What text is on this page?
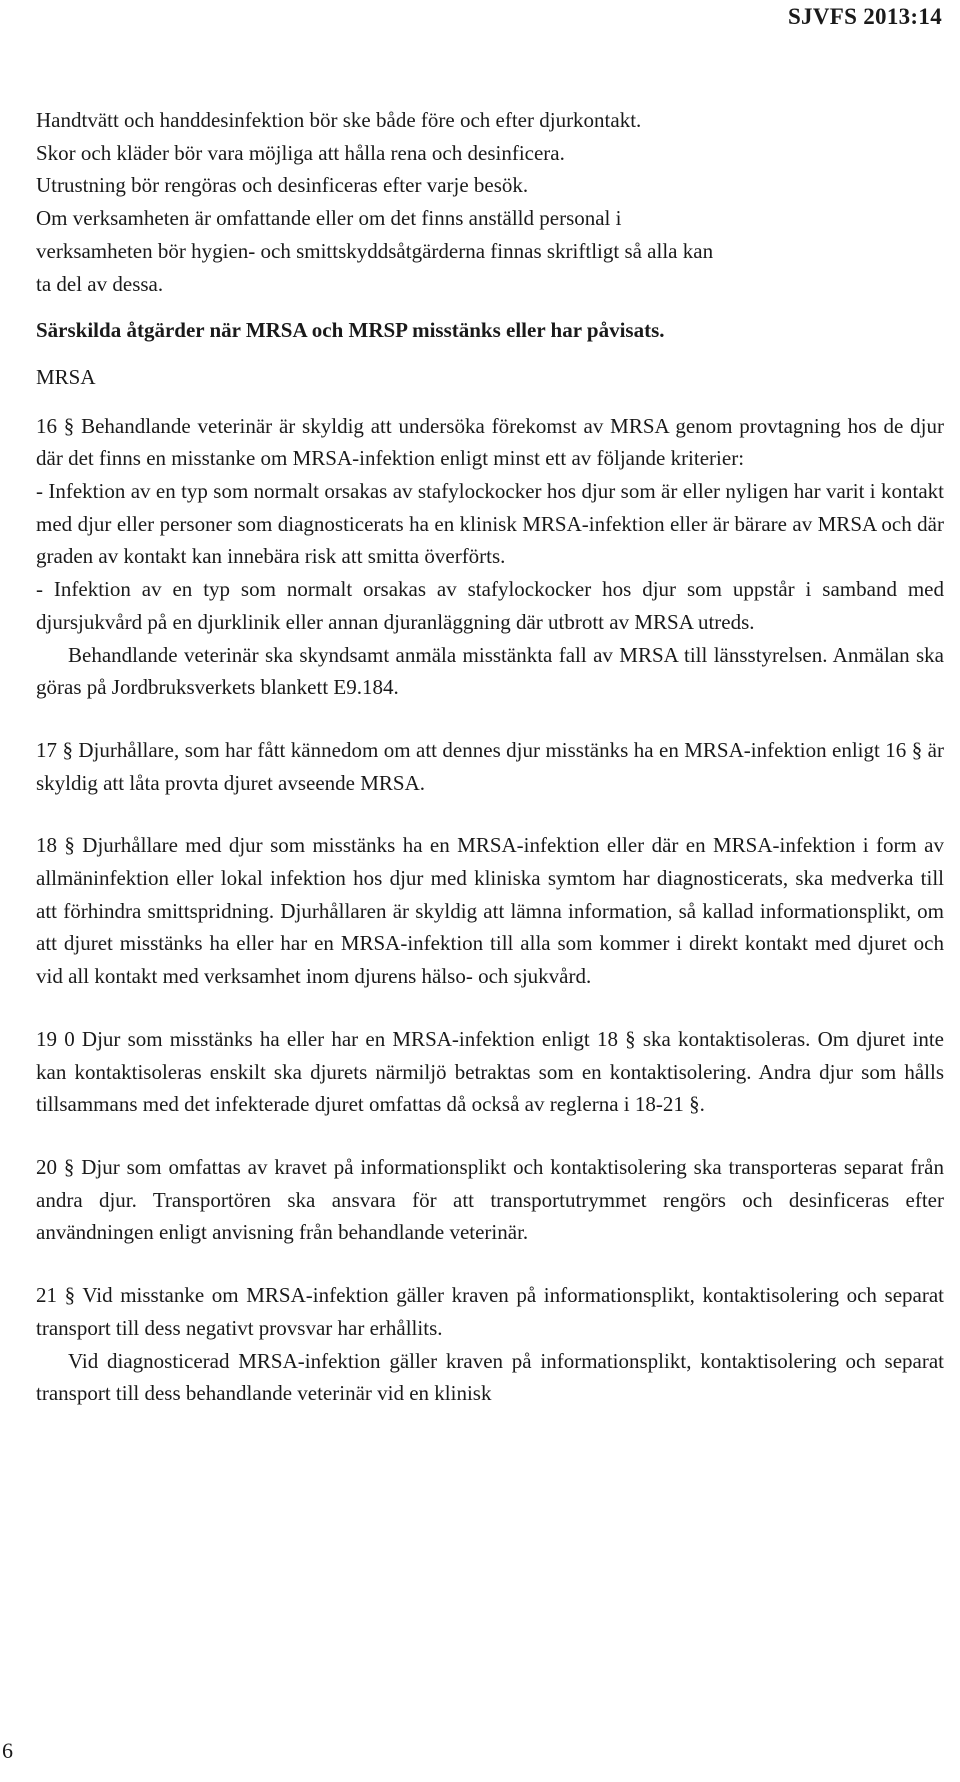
SJVFS 2013:14

Handtvätt och handdesinfektion bör ske både före och efter djurkontakt.

Skor och kläder bör vara möjliga att hålla rena och desinficera.

Utrustning bör rengöras och desinficeras efter varje besök.

Om verksamheten är omfattande eller om det finns anställd personal i

verksamheten bör hygien- och smittskyddsåtgärderna finnas skriftligt så alla kan

ta del av dessa.

Särskilda åtgärder när MRSA och MRSP misstänks eller har påvisats.

MRSA

16 § Behandlande veterinär är skyldig att undersöka förekomst av MRSA genom provtagning hos de djur där det finns en misstanke om MRSA-infektion enligt minst ett av följande kriterier:

- Infektion av en typ som normalt orsakas av stafylockocker hos djur som är eller nyligen har varit i kontakt med djur eller personer som diagnosticerats ha en klinisk MRSA-infektion eller är bärare av MRSA och där graden av kontakt kan innebära risk att smitta överförts.

- Infektion av en typ som normalt orsakas av stafylockocker hos djur som uppstår i samband med djursjukvård på en djurklinik eller annan djuranläggning där utbrott av MRSA utreds.

Behandlande veterinär ska skyndsamt anmäla misstänkta fall av MRSA till länsstyrelsen. Anmälan ska göras på Jordbruksverkets blankett E9.184.

17 § Djurhållare, som har fått kännedom om att dennes djur misstänks ha en MRSA-infektion enligt 16 § är skyldig att låta provta djuret avseende MRSA.

18 § Djurhållare med djur som misstänks ha en MRSA-infektion eller där en MRSA-infektion i form av allmäninfektion eller lokal infektion hos djur med kliniska symtom har diagnosticerats, ska medverka till att förhindra smittspridning. Djurhållaren är skyldig att lämna information, så kallad informationsplikt, om att djuret misstänks ha eller har en MRSA-infektion till alla som kommer i direkt kontakt med djuret och vid all kontakt med verksamhet inom djurens hälso- och sjukvård.

19 0 Djur som misstänks ha eller har en MRSA-infektion enligt 18 § ska kontaktisoleras. Om djuret inte kan kontaktisoleras enskilt ska djurets närmiljö betraktas som en kontaktisolering. Andra djur som hålls tillsammans med det infekterade djuret omfattas då också av reglerna i 18-21 §.

20 § Djur som omfattas av kravet på informationsplikt och kontaktisolering ska transporteras separat från andra djur. Transportören ska ansvara för att transportutrymmet rengörs och desinficeras efter användningen enligt anvisning från behandlande veterinär.

21 § Vid misstanke om MRSA-infektion gäller kraven på informationsplikt, kontaktisolering och separat transport till dess negativt provsvar har erhållits.

Vid diagnosticerad MRSA-infektion gäller kraven på informationsplikt, kontaktisolering och separat transport till dess behandlande veterinär vid en klinisk

6
